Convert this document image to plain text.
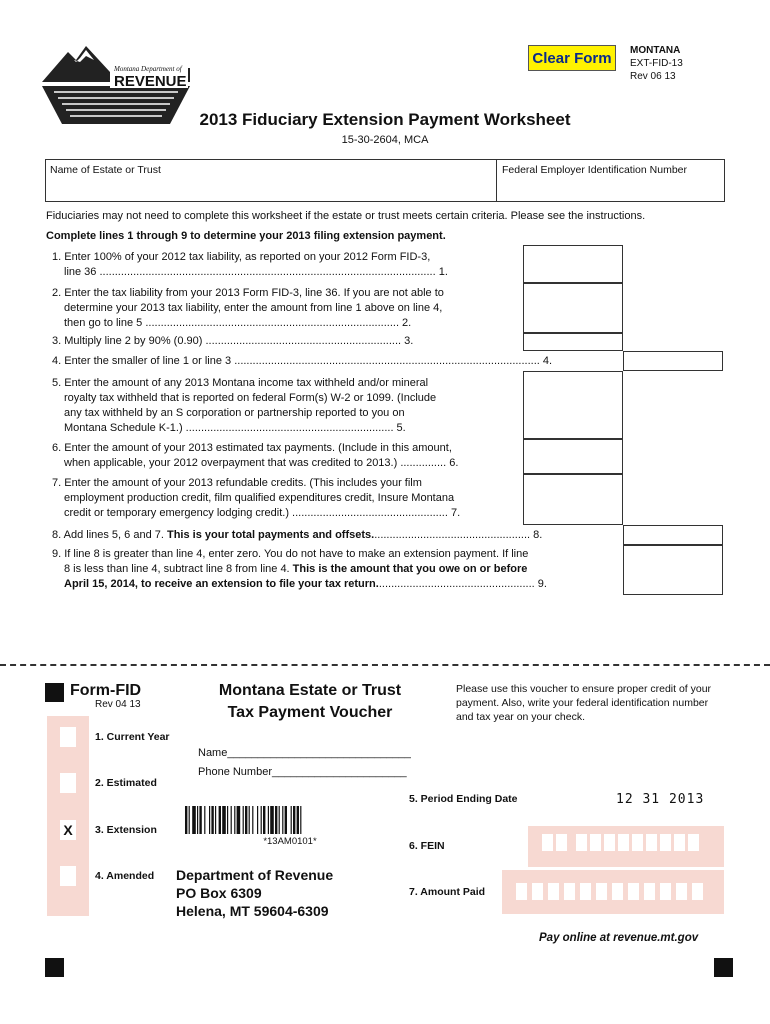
Montana Department of
REVENUE
Clear Form	MONTANA
EXT-FID-13
Rev 06 13
2013 Fiduciary Extension Payment Worksheet
15-30-2604, MCA
Name of Estate or Trust	Federal Employer Identification Number
Fiduciaries may not need to complete this worksheet if the estate or trust meets certain criteria. Please see the instructions.
Complete lines 1 through 9 to determine your 2013 filing extension payment.
1. Enter 100% of your 2012 tax liability, as reported on your 2012 Form FID-3,
line 36 .............................................................................................................. 1.
2. Enter the tax liability from your 2013 Form FID-3, line 36. If you are not able to
determine your 2013 tax liability, enter the amount from line 1 above on line 4,
then go to line 5 ................................................................................... 2.
3. Multiply line 2 by 90% (0.90) ................................................................ 3.
4. Enter the smaller of line 1 or line 3 .................................................................................................... 4.
5. Enter the amount of any 2013 Montana income tax withheld and/or mineral
royalty tax withheld that is reported on federal Form(s) W-2 or 1099. (Include
any tax withheld by an S corporation or partnership reported to you on
Montana Schedule K-1.) .................................................................... 5.
6. Enter the amount of your 2013 estimated tax payments. (Include in this amount,
when applicable, your 2012 overpayment that was credited to 2013.) ............... 6.
7. Enter the amount of your 2013 refundable credits. (This includes your film
employment production credit, film qualified expenditures credit, Insure Montana
credit or temporary emergency lodging credit.) ................................................... 7.
8. Add lines 5, 6 and 7. This is your total payments and offsets.................................................... 8.
9. If line 8 is greater than line 4, enter zero. You do not have to make an extension payment. If line
8 is less than line 4, subtract line 8 from line 4. This is the amount that you owe on or before
April 15, 2014, to receive an extension to file your tax return.................................................... 9.
Form-FID
Rev 04 13
Montana Estate or Trust
Tax Payment Voucher
Please use this voucher to ensure proper credit of your payment. Also, write your federal identification number and tax year on your check.
X
1. Current Year
2. Estimated
3. Extension
4. Amended
Name______________________________
Phone Number______________________
5. Period Ending Date	12 31 2013
*13AM0101*	6. FEIN
7. Amount Paid
Department of Revenue
PO Box 6309
Helena, MT 59604-6309
Pay online at revenue.mt.gov
